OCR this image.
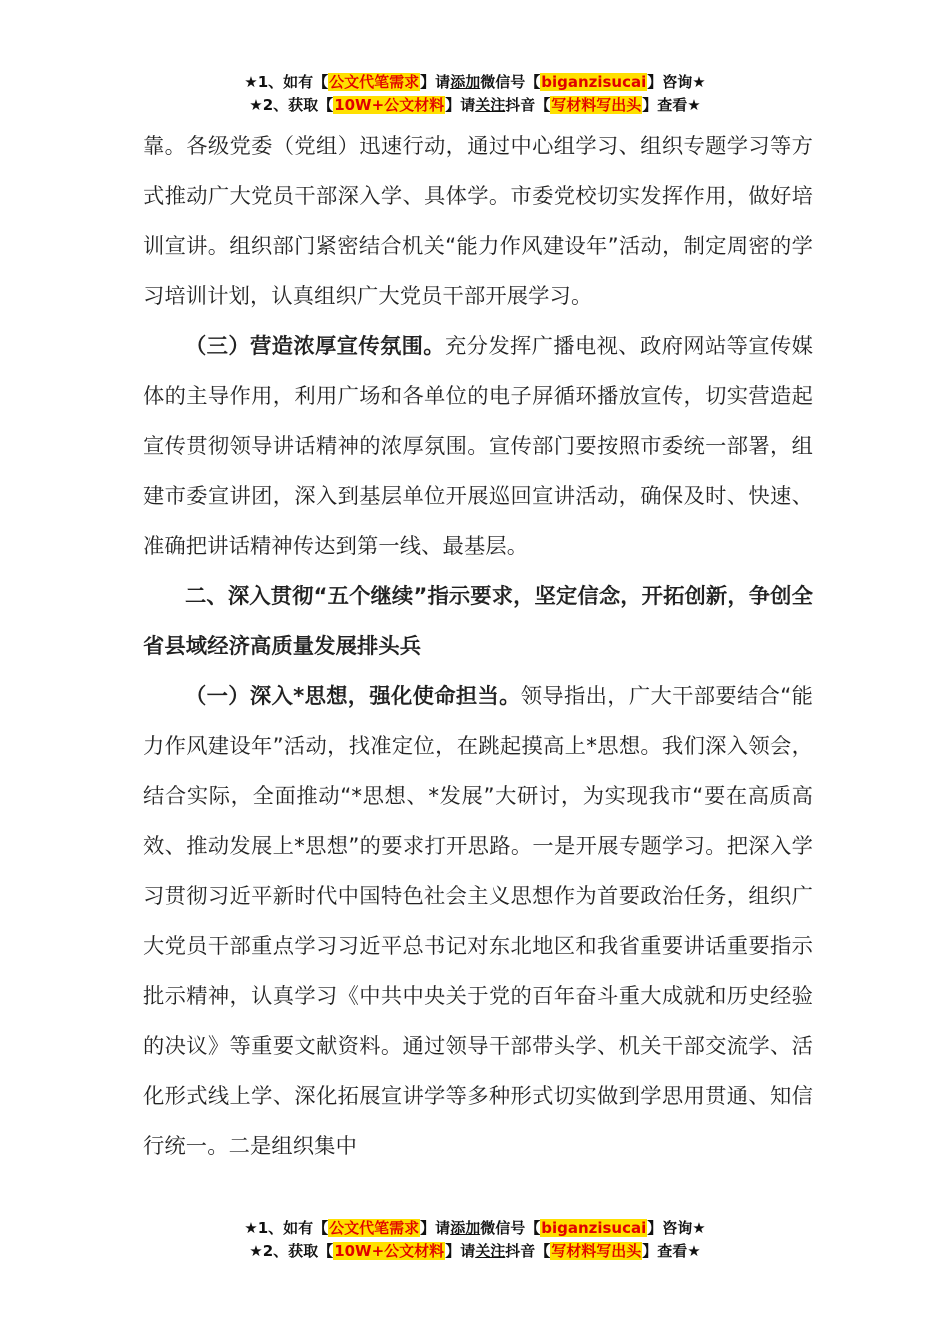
★1、如有【公文代笔需求】请添加微信号【biganzisucai】咨询★
★2、获取【10W+公文材料】请关注抖音【写材料写出头】查看★

靠。各级党委（党组）迅速行动，通过中心组学习、组织专题学习等方式推动广大党员干部深入学、具体学。市委党校切实发挥作用，做好培训宣讲。组织部门紧密结合机关“能力作风建设年”活动，制定周密的学习培训计划，认真组织广大党员干部开展学习。

（三）营造浓厚宣传氛围。充分发挥广播电视、政府网站等宣传媒体的主导作用，利用广场和各单位的电子屏循环播放宣传，切实营造起宣传贯彻领导讲话精神的浓厚氛围。宣传部门要按照市委统一部署，组建市委宣讲团，深入到基层单位开展巡回宣讲活动，确保及时、快速、准确把讲话精神传达到第一线、最基层。

二、深入贯彻“五个继续”指示要求，坚定信念，开拓创新，争创全省县域经济高质量发展排头兵

（一）深入*思想，强化使命担当。领导指出，广大干部要结合“能力作风建设年”活动，找准定位，在跳起摸高上*思想。我们深入领会，结合实际，全面推动“*思想、*发展”大研讨，为实现我市“要在高质高效、推动发展上*思想”的要求打开思路。一是开展专题学习。把深入学习贯彻习近平新时代中国特色社会主义思想作为首要政治任务，组织广大党员干部重点学习习近平总书记对东北地区和我省重要讲话重要指示批示精神，认真学习《中共中央关于党的百年奋斗重大成就和历史经验的决议》等重要文献资料。通过领导干部带头学、机关干部交流学、活化形式线上学、深化拓展宣讲学等多种形式切实做到学思用贯通、知信行统一。二是组织集中

★1、如有【公文代笔需求】请添加微信号【biganzisucai】咨询★
★2、获取【10W+公文材料】请关注抖音【写材料写出头】查看★
